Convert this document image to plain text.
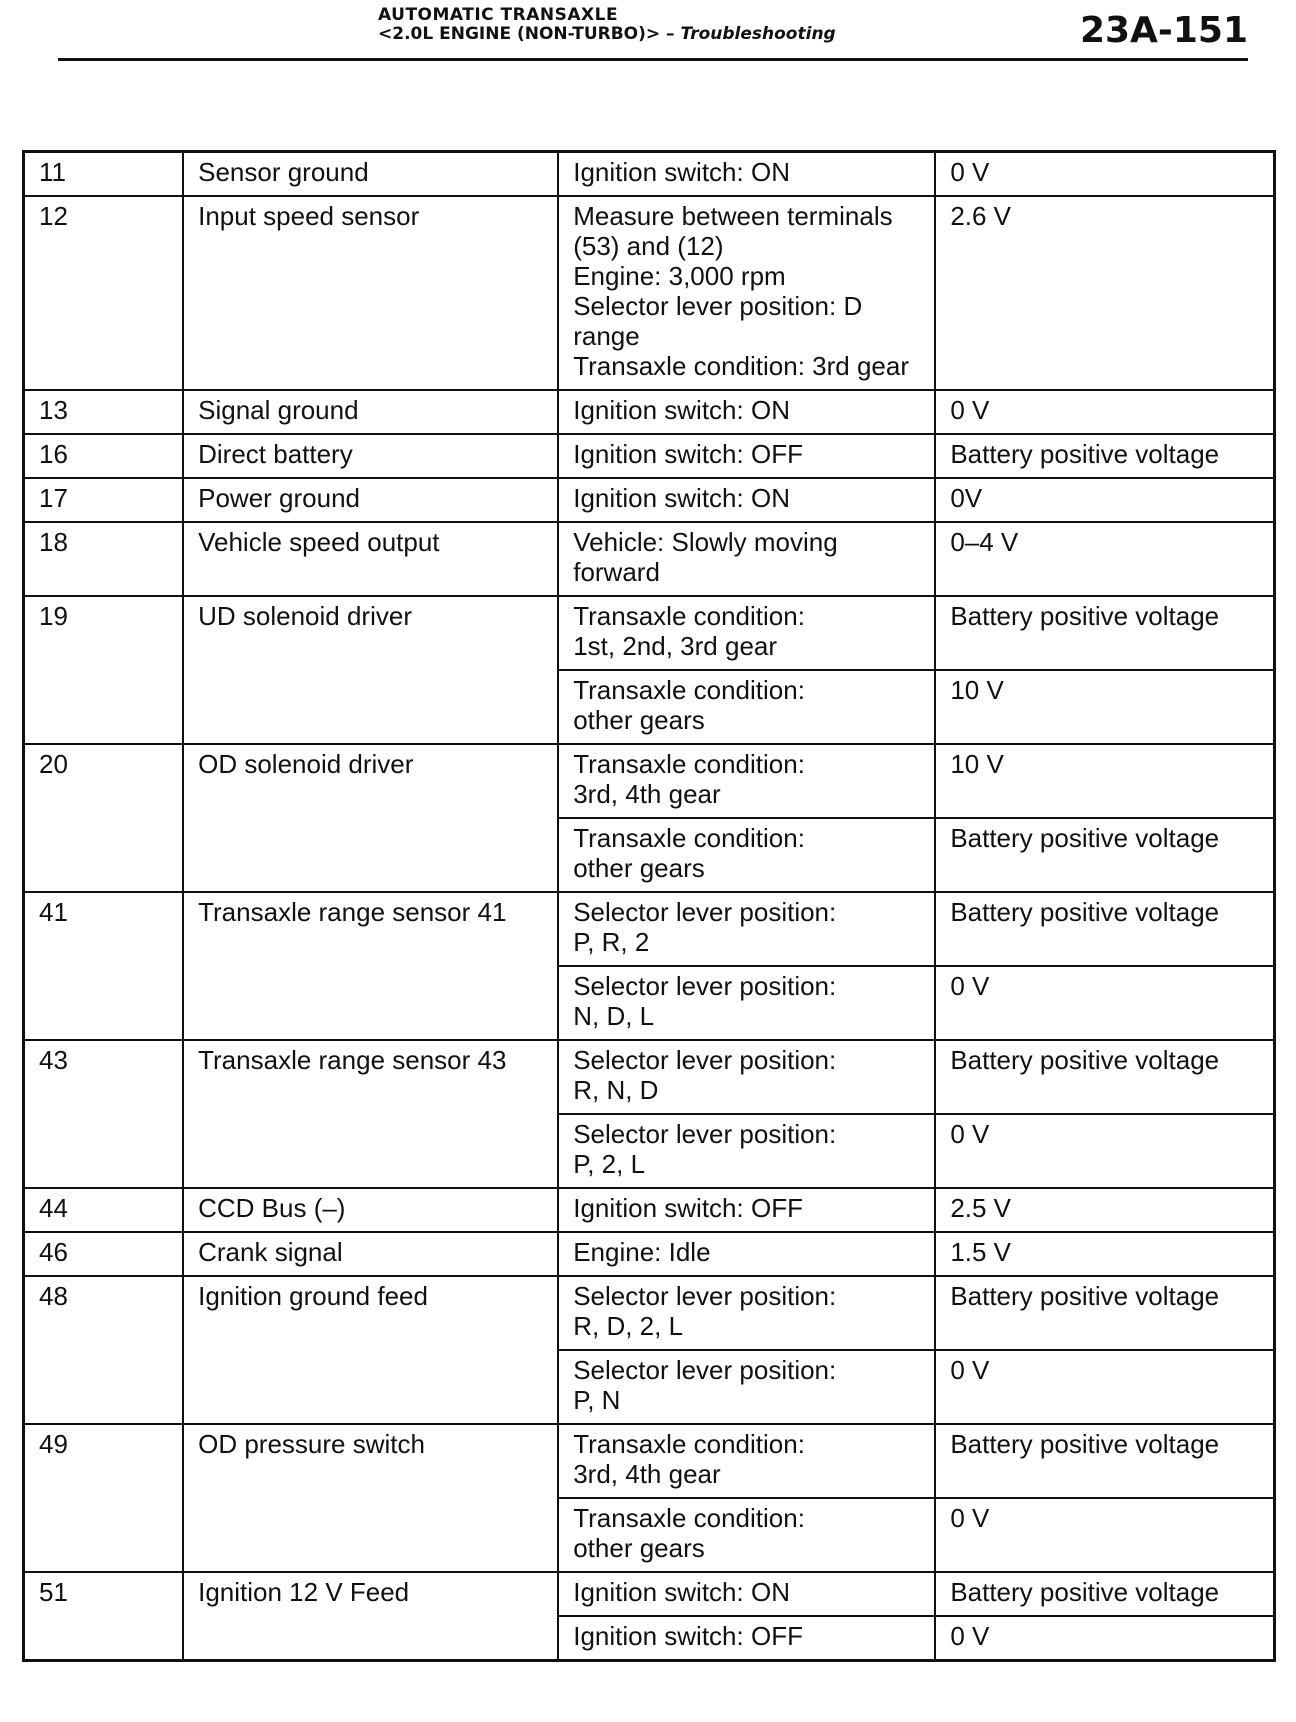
AUTOMATIC TRANSAXLE
<2.0L ENGINE (NON-TURBO)> – Troubleshooting	23A-151
11	Sensor ground	Ignition switch: ON	0 V
12	Input speed sensor	Measure between terminals (53) and (12)
Engine: 3,000 rpm
Selector lever position: D range
Transaxle condition: 3rd gear	2.6 V
13	Signal ground	Ignition switch: ON	0 V
16	Direct battery	Ignition switch: OFF	Battery positive voltage
17	Power ground	Ignition switch: ON	0V
18	Vehicle speed output	Vehicle: Slowly moving forward	0–4 V
19	UD solenoid driver	Transaxle condition:
1st, 2nd, 3rd gear	Battery positive voltage
		Transaxle condition:
other gears	10 V
20	OD solenoid driver	Transaxle condition:
3rd, 4th gear	10 V
		Transaxle condition:
other gears	Battery positive voltage
41	Transaxle range sensor 41	Selector lever position:
P, R, 2	Battery positive voltage
		Selector lever position:
N, D, L	0 V
43	Transaxle range sensor 43	Selector lever position:
R, N, D	Battery positive voltage
		Selector lever position:
P, 2, L	0 V
44	CCD Bus (–)	Ignition switch: OFF	2.5 V
46	Crank signal	Engine: Idle	1.5 V
48	Ignition ground feed	Selector lever position:
R, D, 2, L	Battery positive voltage
		Selector lever position:
P, N	0 V
49	OD pressure switch	Transaxle condition:
3rd, 4th gear	Battery positive voltage
		Transaxle condition:
other gears	0 V
51	Ignition 12 V Feed	Ignition switch: ON	Battery positive voltage
		Ignition switch: OFF	0 V
